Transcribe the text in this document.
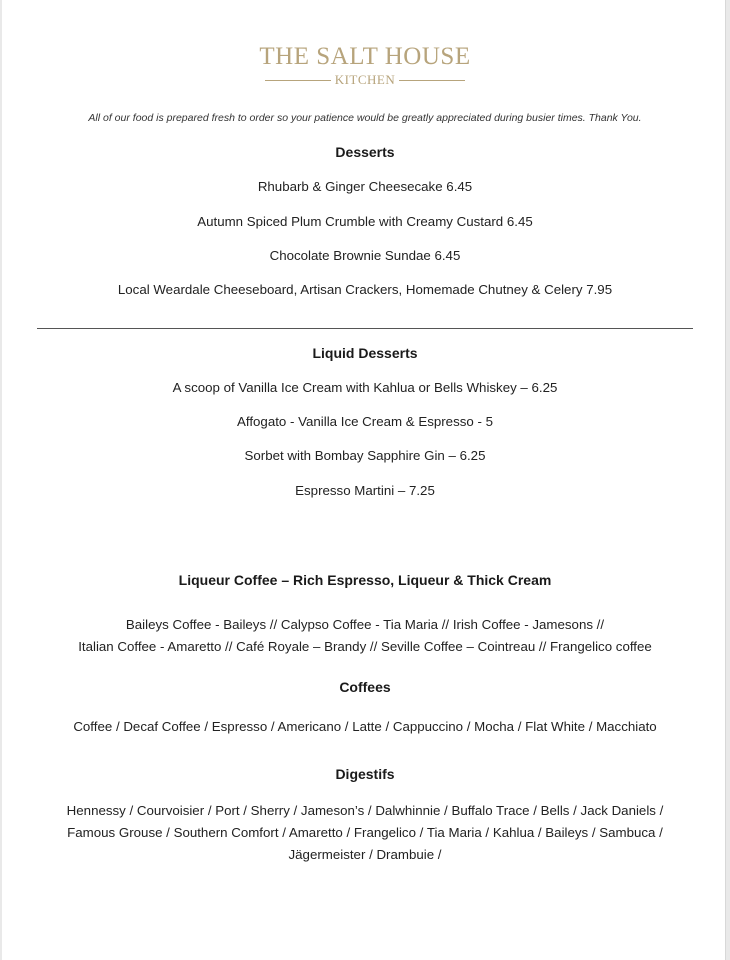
THE SALT HOUSE
KITCHEN
All of our food is prepared fresh to order so your patience would be greatly appreciated during busier times. Thank You.
Desserts
Rhubarb & Ginger Cheesecake 6.45
Autumn Spiced Plum Crumble with Creamy Custard 6.45
Chocolate Brownie Sundae 6.45
Local Weardale Cheeseboard, Artisan Crackers, Homemade Chutney & Celery 7.95
Liquid Desserts
A scoop of Vanilla Ice Cream with Kahlua or Bells Whiskey – 6.25
Affogato - Vanilla Ice Cream & Espresso - 5
Sorbet with Bombay Sapphire Gin – 6.25
Espresso Martini – 7.25
Liqueur Coffee – Rich Espresso, Liqueur & Thick Cream
Baileys Coffee - Baileys // Calypso Coffee - Tia Maria // Irish Coffee - Jamesons //
Italian Coffee - Amaretto // Café Royale – Brandy // Seville Coffee – Cointreau // Frangelico coffee
Coffees
Coffee / Decaf Coffee / Espresso / Americano / Latte / Cappuccino / Mocha / Flat White / Macchiato
Digestifs
Hennessy / Courvoisier / Port / Sherry / Jameson’s / Dalwhinnie / Buffalo Trace / Bells / Jack Daniels /
Famous Grouse / Southern Comfort / Amaretto / Frangelico / Tia Maria / Kahlua / Baileys / Sambuca /
Jägermeister / Drambuie /
